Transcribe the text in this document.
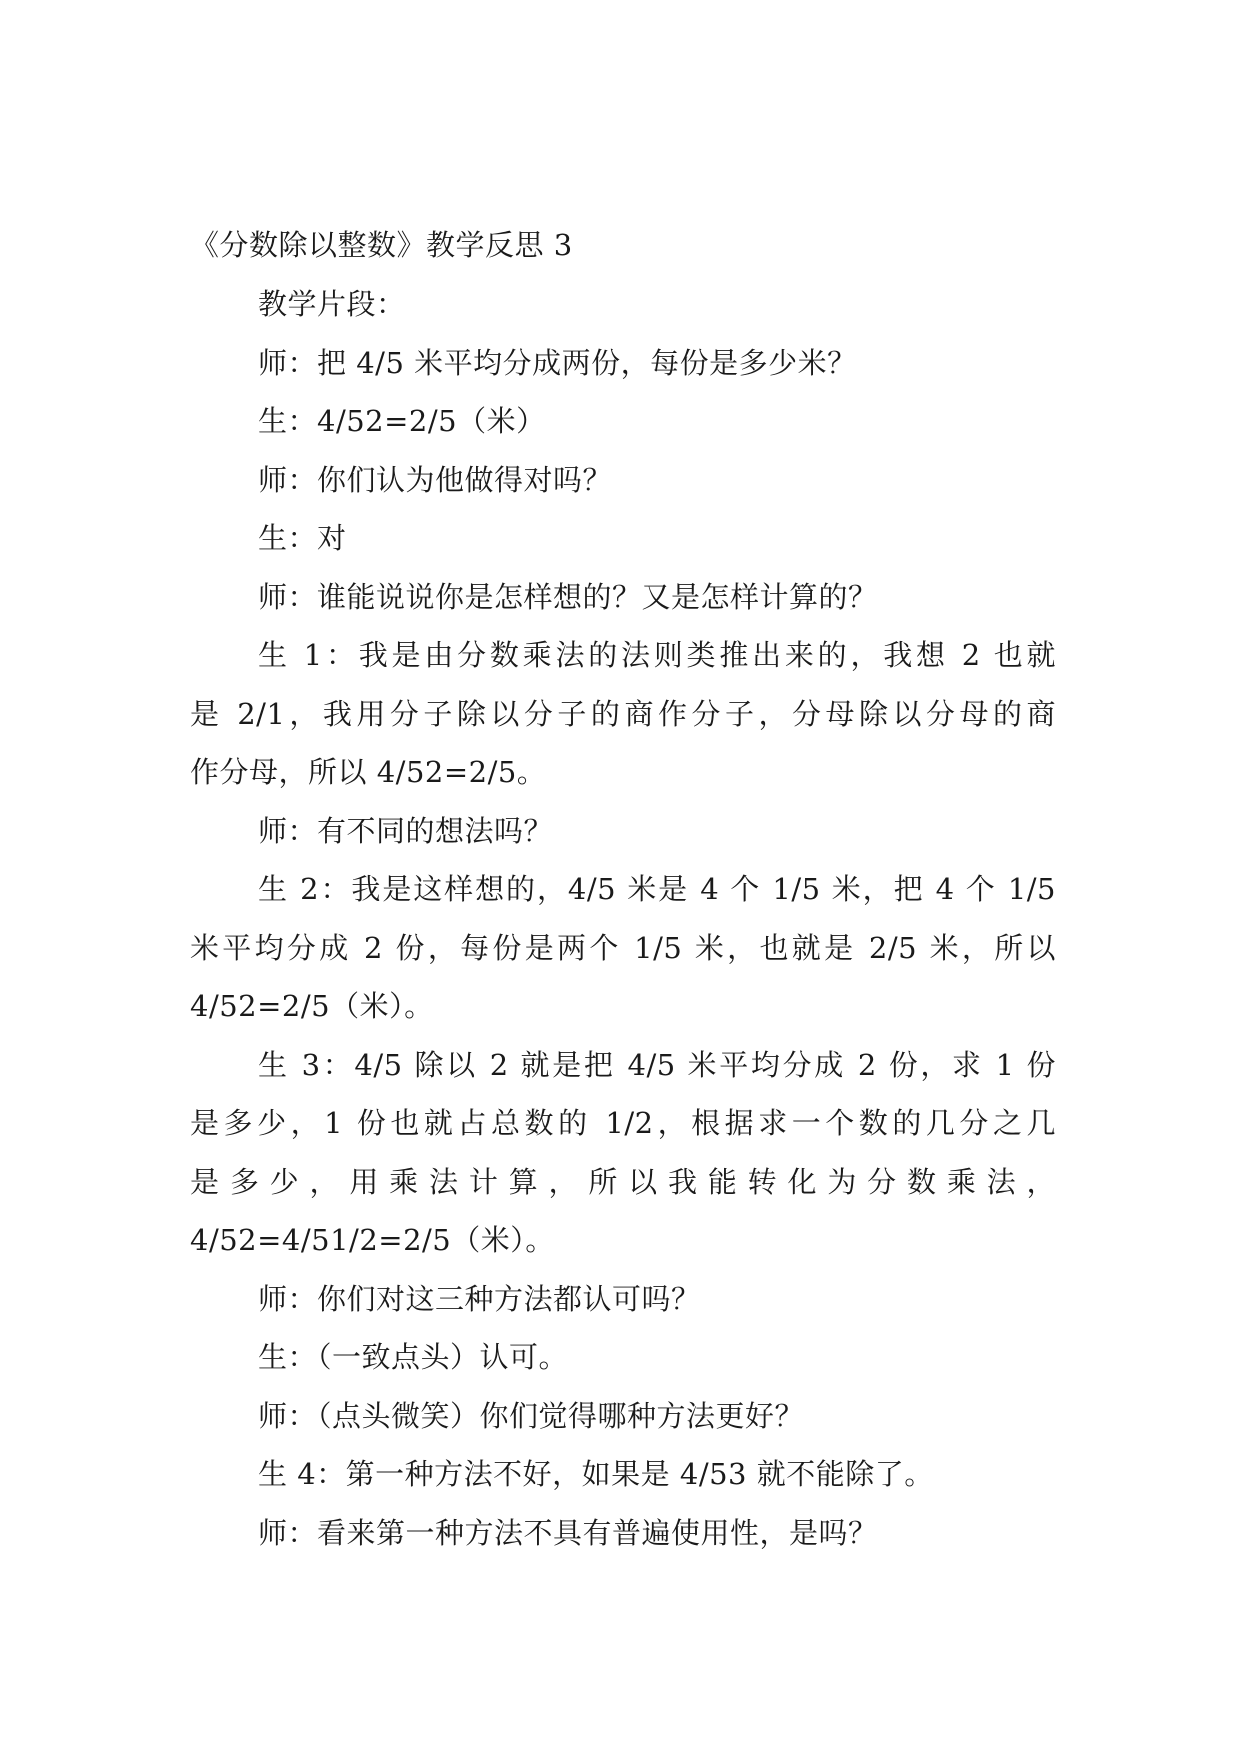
《分数除以整数》教学反思 3
教学片段：
师：把 4/5 米平均分成两份，每份是多少米？
生：4/52=2/5（米）
师：你们认为他做得对吗？
生：对
师：谁能说说你是怎样想的？又是怎样计算的？
生 1：我是由分数乘法的法则类推出来的，我想 2 也就
是 2/1，我用分子除以分子的商作分子，分母除以分母的商
作分母，所以 4/52=2/5。
师：有不同的想法吗？
生 2：我是这样想的，4/5 米是 4 个 1/5 米，把 4 个 1/5
米平均分成 2 份，每份是两个 1/5 米，也就是 2/5 米，所以
4/52=2/5（米）。
生 3：4/5 除以 2 就是把 4/5 米平均分成 2 份，求 1 份
是多少，1 份也就占总数的 1/2，根据求一个数的几分之几
是 多 少 ， 用 乘 法 计 算 ， 所 以 我 能 转 化 为 分 数 乘 法 ，
4/52=4/51/2=2/5（米）。
师：你们对这三种方法都认可吗？
生：（一致点头）认可。
师：（点头微笑）你们觉得哪种方法更好？
生 4：第一种方法不好，如果是 4/53 就不能除了。
师：看来第一种方法不具有普遍使用性，是吗？
